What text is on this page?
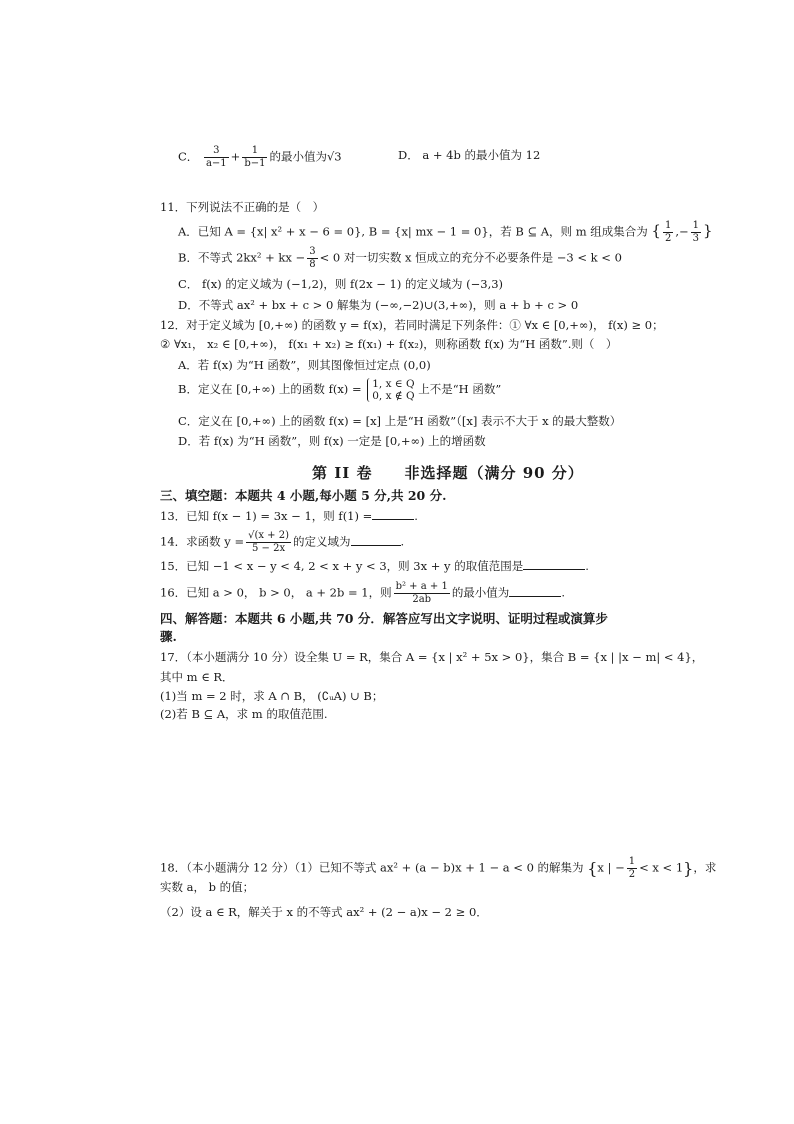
C． $\frac{3}{a-1} + \frac{1}{b-1}$ 的最小值为√3	D． a + 4b 的最小值为 12
11．下列说法不正确的是（　）
A．已知 A = {x| x² + x − 6 = 0}, B = {x| mx − 1 = 0}，若 B ⊆ A，则 m 组成集合为 { $\frac{1}{2}$ ,− $\frac{1}{3}$ }
B．不等式 2kx² + kx − $\frac{3}{8} < 0$ 对一切实数 x 恒成立的充分不必要条件是 −3 < k < 0
C． f(x) 的定义域为 (−1,2)，则 f(2x − 1) 的定义域为 (−3,3)
D．不等式 ax² + bx + c > 0 解集为 (−∞,−2)∪(3,+∞)，则 a + b + c > 0
12．对于定义域为 [0,+∞) 的函数 y = f(x)，若同时满足下列条件：① ∀x ∈ [0,+∞)， f(x) ≥ 0；
② ∀x₁， x₂ ∈ [0,+∞)， f(x₁ + x₂) ≥ f(x₁) + f(x₂)，则称函数 f(x) 为“H 函数”.则（　）
A．若 f(x) 为“H 函数”，则其图像恒过定点 (0,0)
B．定义在 [0,+∞) 上的函数 f(x) = 1, x ∈ Q
0, x ∉ Q 上不是“H 函数”
C．定义在 [0,+∞) 上的函数 f(x) = [x] 上是“H 函数”（[x] 表示不大于 x 的最大整数）
D．若 f(x) 为“H 函数”，则 f(x) 一定是 [0,+∞) 上的增函数
第 II 卷　　非选择题（满分 90 分）
三、填空题：本题共 4 小题,每小题 5 分,共 20 分.
13．已知 f(x − 1) = 3x − 1，则 f(1) =	.
14．求函数 $y = \frac{√(x + 2)}{5 - 2x}$ 的定义域为	.
15．已知 −1 < x − y < 4, 2 < x + y < 3，则 3x + y 的取值范围是	.
16．已知 a > 0， b > 0， a + 2b = 1，则 $\frac{\text{b² + a + 1}}{2ab}$ 的最小值为	.
四、解答题：本题共 6 小题,共 70 分．解答应写出文字说明、证明过程或演算步
骤.
17．（本小题满分 10 分）设全集 U = R，集合 A = {x | x² + 5x > 0}，集合 B = {x | |x − m| < 4}，
其中 m ∈ R．
(1)当 m = 2 时，求 A ∩ B， (∁ᵤA) ∪ B；
(2)若 B ⊆ A，求 m 的取值范围.
18．（本小题满分 12 分）（1）已知不等式 ax² + (a − b)x + 1 − a < 0 的解集为 {x | − $\frac{1}{2} < x < 1$}，求
实数 a， b 的值；
（2）设 a ∈ R，解关于 x 的不等式 ax² + (2 − a)x − 2 ≥ 0．
